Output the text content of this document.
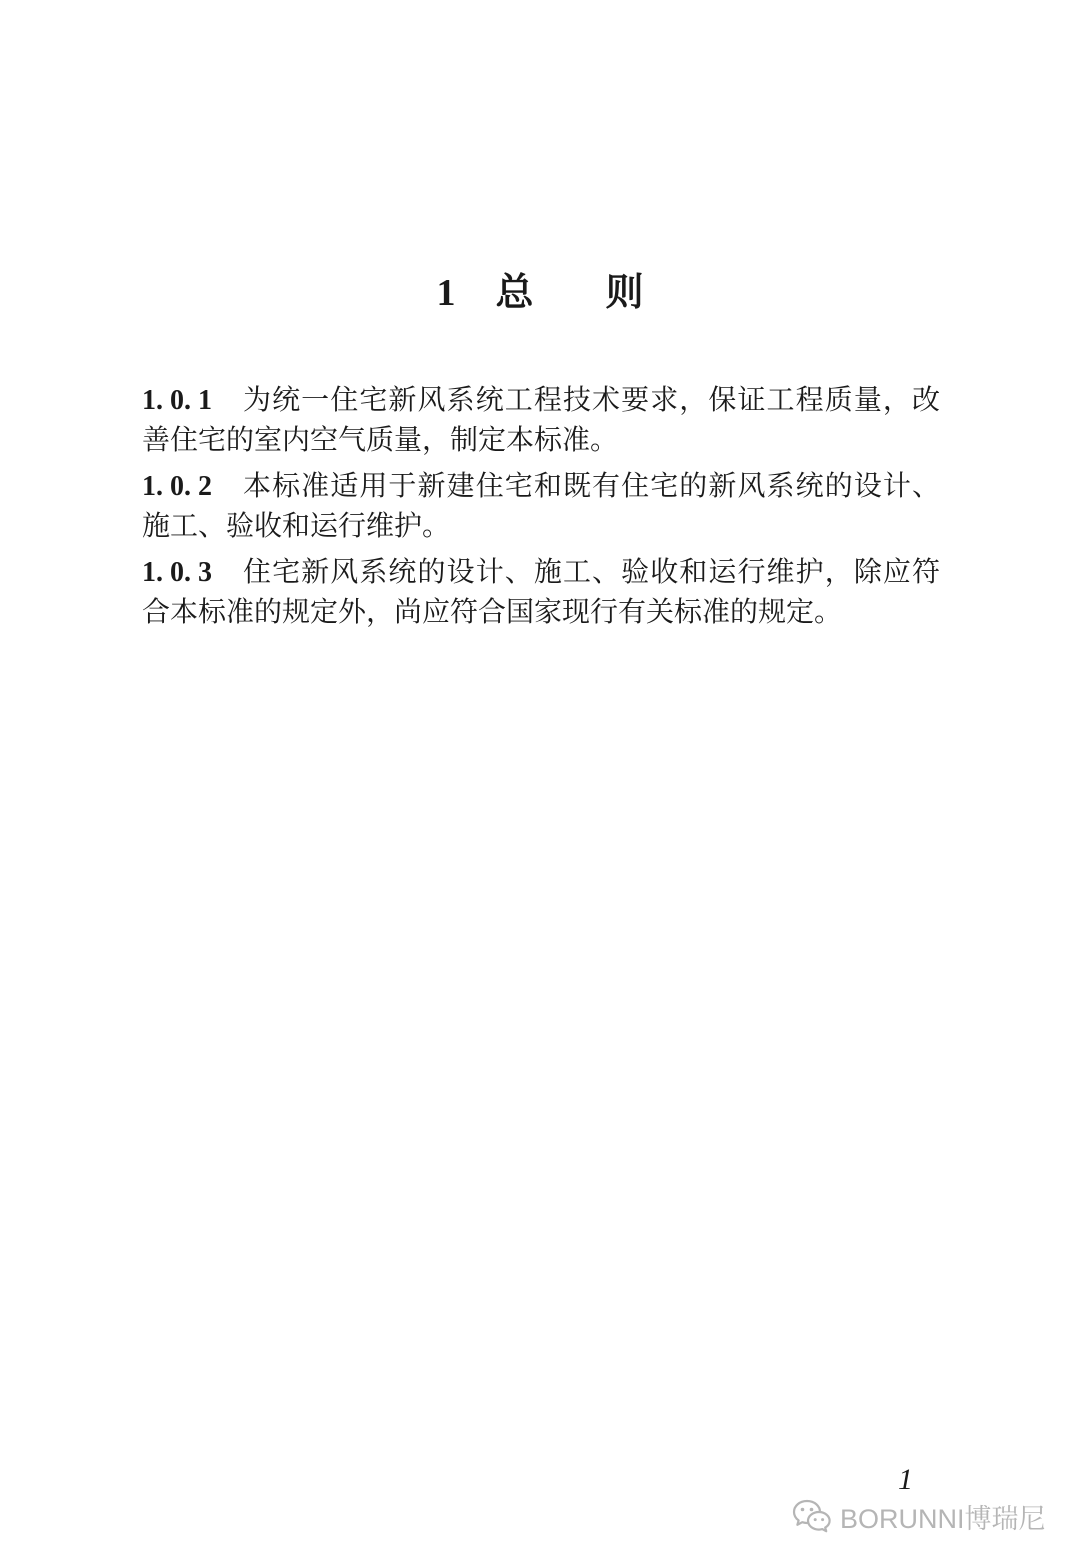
1 总则
1. 0. 1	为统一住宅新风系统工程技术要求，保证工程质量，改
善住宅的室内空气质量，制定本标准。
1. 0. 2	本标准适用于新建住宅和既有住宅的新风系统的设计、
施工、验收和运行维护。
1. 0. 3	住宅新风系统的设计、施工、验收和运行维护，除应符
合本标准的规定外，尚应符合国家现行有关标准的规定。
1
BORUNNI博瑞尼
